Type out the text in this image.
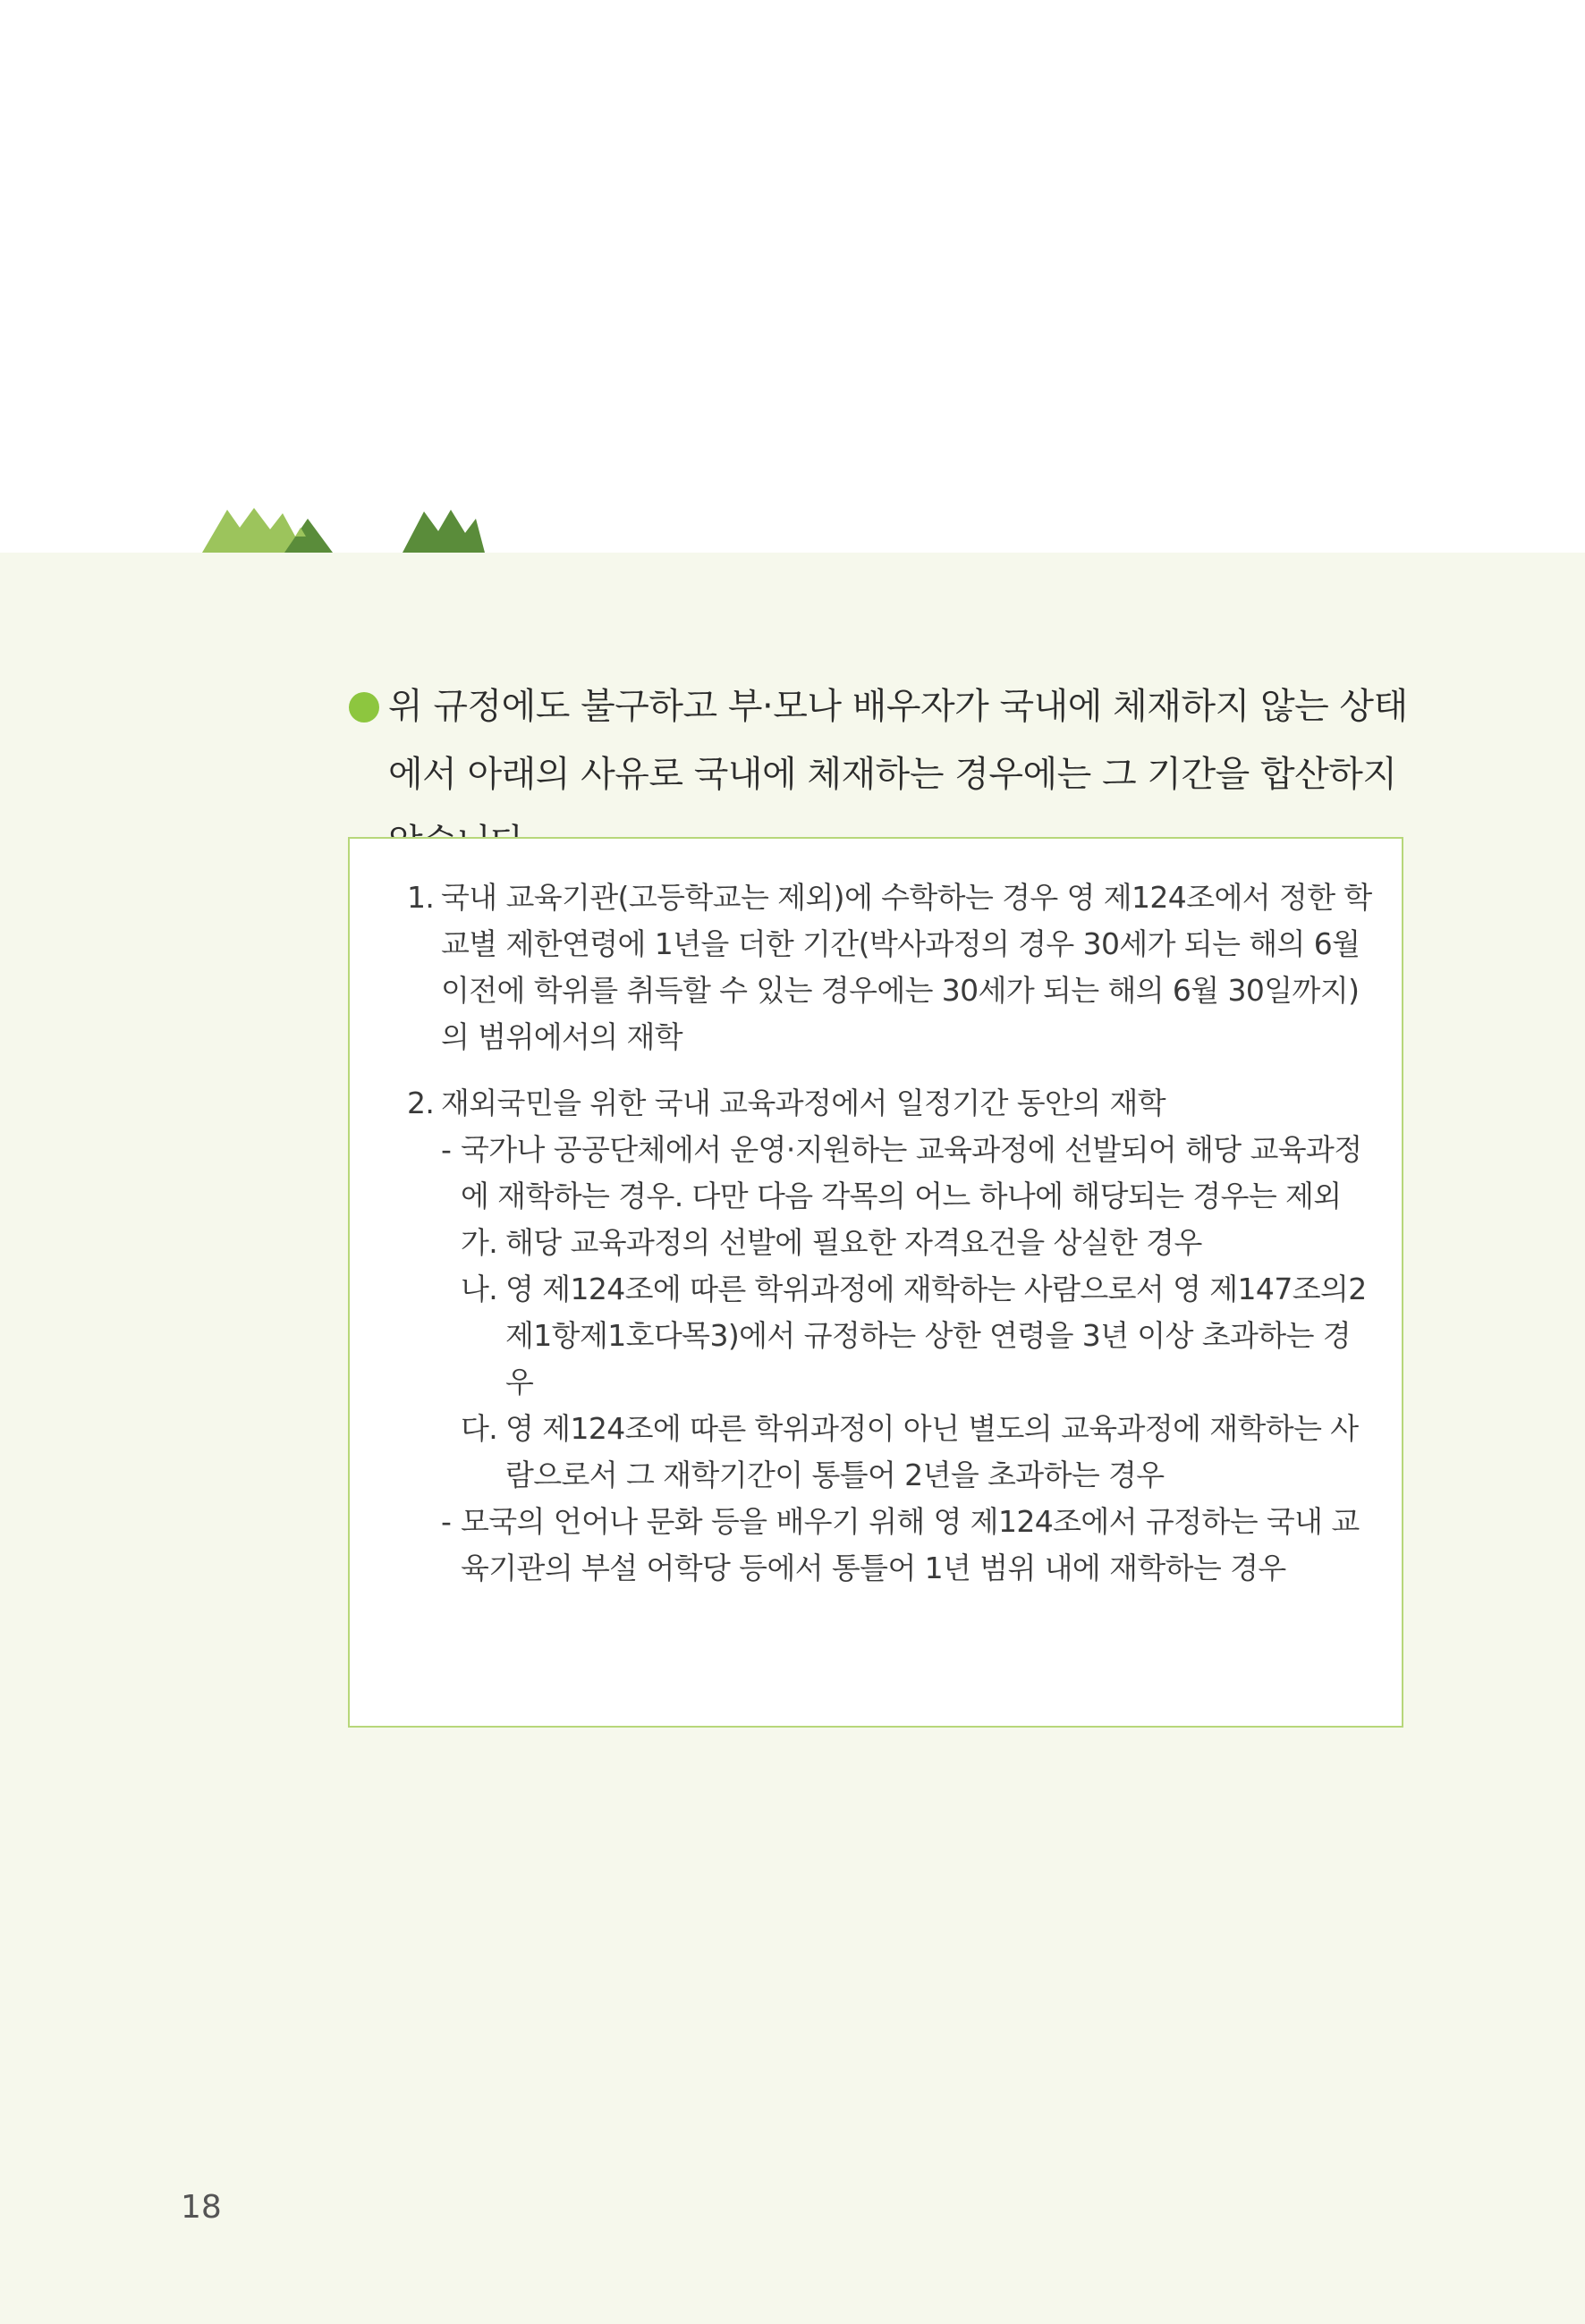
위 규정에도 불구하고 부·모나 배우자가 국내에 체재하지 않는 상태에서 아래의 사유로 국내에 체재하는 경우에는 그 기간을 합산하지

1. 국내 교육기관(고등학교는 제외)에 수학하는 경우 영 제124조에서 정한 학교별 제한연령에 1년을 더한 기간(박사과정의 경우 30세가 되는 해의 6월 이전에 학위를 취득할 수 있는 경우에는 30세가 되는 해의 6월 30일까지)의 범위에서의 재학

2. 재외국민을 위한 국내 교육과정에서 일정기간 동안의 재학

- 국가나 공공단체에서 운영·지원하는 교육과정에 선발되어 해당 교육과정에 재학하는 경우. 다만 다음 각목의 어느 하나에 해당되는 경우는 제외

가. 해당 교육과정의 선발에 필요한 자격요건을 상실한 경우

나. 영 제124조에 따른 학위과정에 재학하는 사람으로서 영 제147조의2제1항제1호다목3)에서 규정하는 상한 연령을 3년 이상 초과하는 경우

다. 영 제124조에 따른 학위과정이 아닌 별도의 교육과정에 재학하는 사람으로서 그 재학기간이 통틀어 2년을 초과하는 경우

- 모국의 언어나 문화 등을 배우기 위해 영 제124조에서 규정하는 국내 교육기관의 부설 어학당 등에서 통틀어 1년 범위 내에 재학하는 경우

18
